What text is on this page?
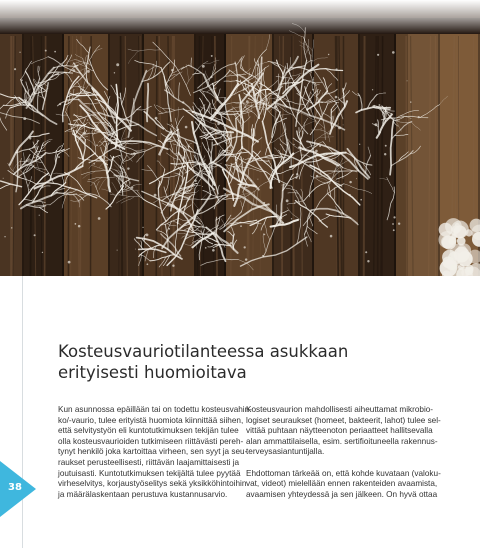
Kosteusvauriotilanteessa asukkaan
erityisesti huomioitava
Kun asunnossa epäillään tai on todettu kosteusvahin-
ko/-vaurio, tulee erityistä huomiota kiinnittää siihen,
että selvitystyön eli kuntotutkimuksen tekijän tulee
olla kosteusvaurioiden tutkimiseen riittävästi pereh-
tynyt henkilö joka kartoittaa virheen, sen syyt ja seu-
raukset perusteellisesti, riittävän laajamittaisesti ja
joutuisasti. Kuntotutkimuksen tekijältä tulee pyytää
virheselvitys, korjaustyöselitys sekä yksikköhintoihin
ja määrälaskentaan perustuva kustannusarvio.
Kosteusvaurion mahdollisesti aiheuttamat mikrobio-
logiset seuraukset (homeet, bakteerit, lahot) tulee sel-
vittää puhtaan näytteenoton periaatteet hallitsevalla
alan ammattilaisella, esim. sertifioituneella rakennus-
terveysasiantuntijalla.
Ehdottoman tärkeää on, että kohde kuvataan (valoku-
vat, videot) mielellään ennen rakenteiden avaamista,
avaamisen yhteydessä ja sen jälkeen. On hyvä ottaa
38
